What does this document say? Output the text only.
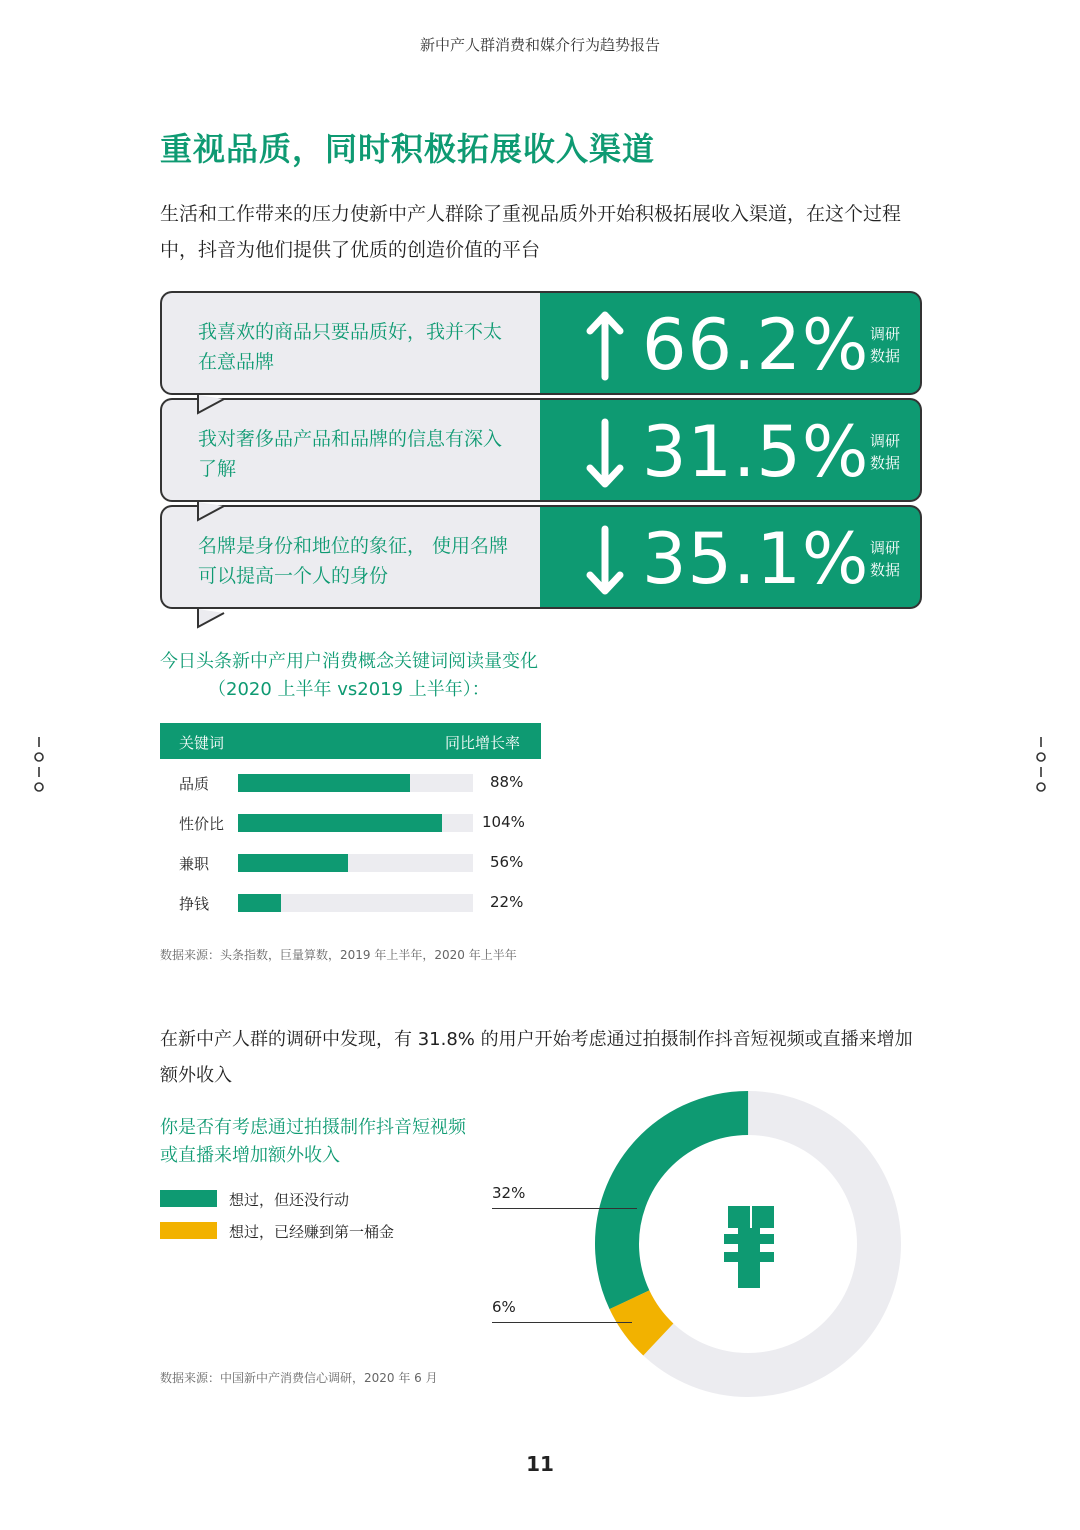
新中产人群消费和媒介行为趋势报告
重视品质，同时积极拓展收入渠道
生活和工作带来的压力使新中产人群除了重视品质外开始积极拓展收入渠道，在这个过程中，抖音为他们提供了优质的创造价值的平台
我喜欢的商品只要品质好，我并不太在意品牌	66.2% 调研
数据
我对奢侈品产品和品牌的信息有深入了解	31.5% 调研
数据
名牌是身份和地位的象征， 使用名牌可以提高一个人的身份	35.1% 调研
数据
今日头条新中产用户消费概念关键词阅读量变化
（2020 上半年 vs2019 上半年）：
关键词	同比增长率
品质	88%
性价比	104%
兼职	56%
挣钱	22%
数据来源：头条指数，巨量算数，2019 年上半年，2020 年上半年
在新中产人群的调研中发现，有 31.8% 的用户开始考虑通过拍摄制作抖音短视频或直播来增加额外收入
你是否有考虑通过拍摄制作抖音短视频或直播来增加额外收入
想过，但还没行动
想过，已经赚到第一桶金
32%
6%
数据来源：中国新中产消费信心调研，2020 年 6 月
11
